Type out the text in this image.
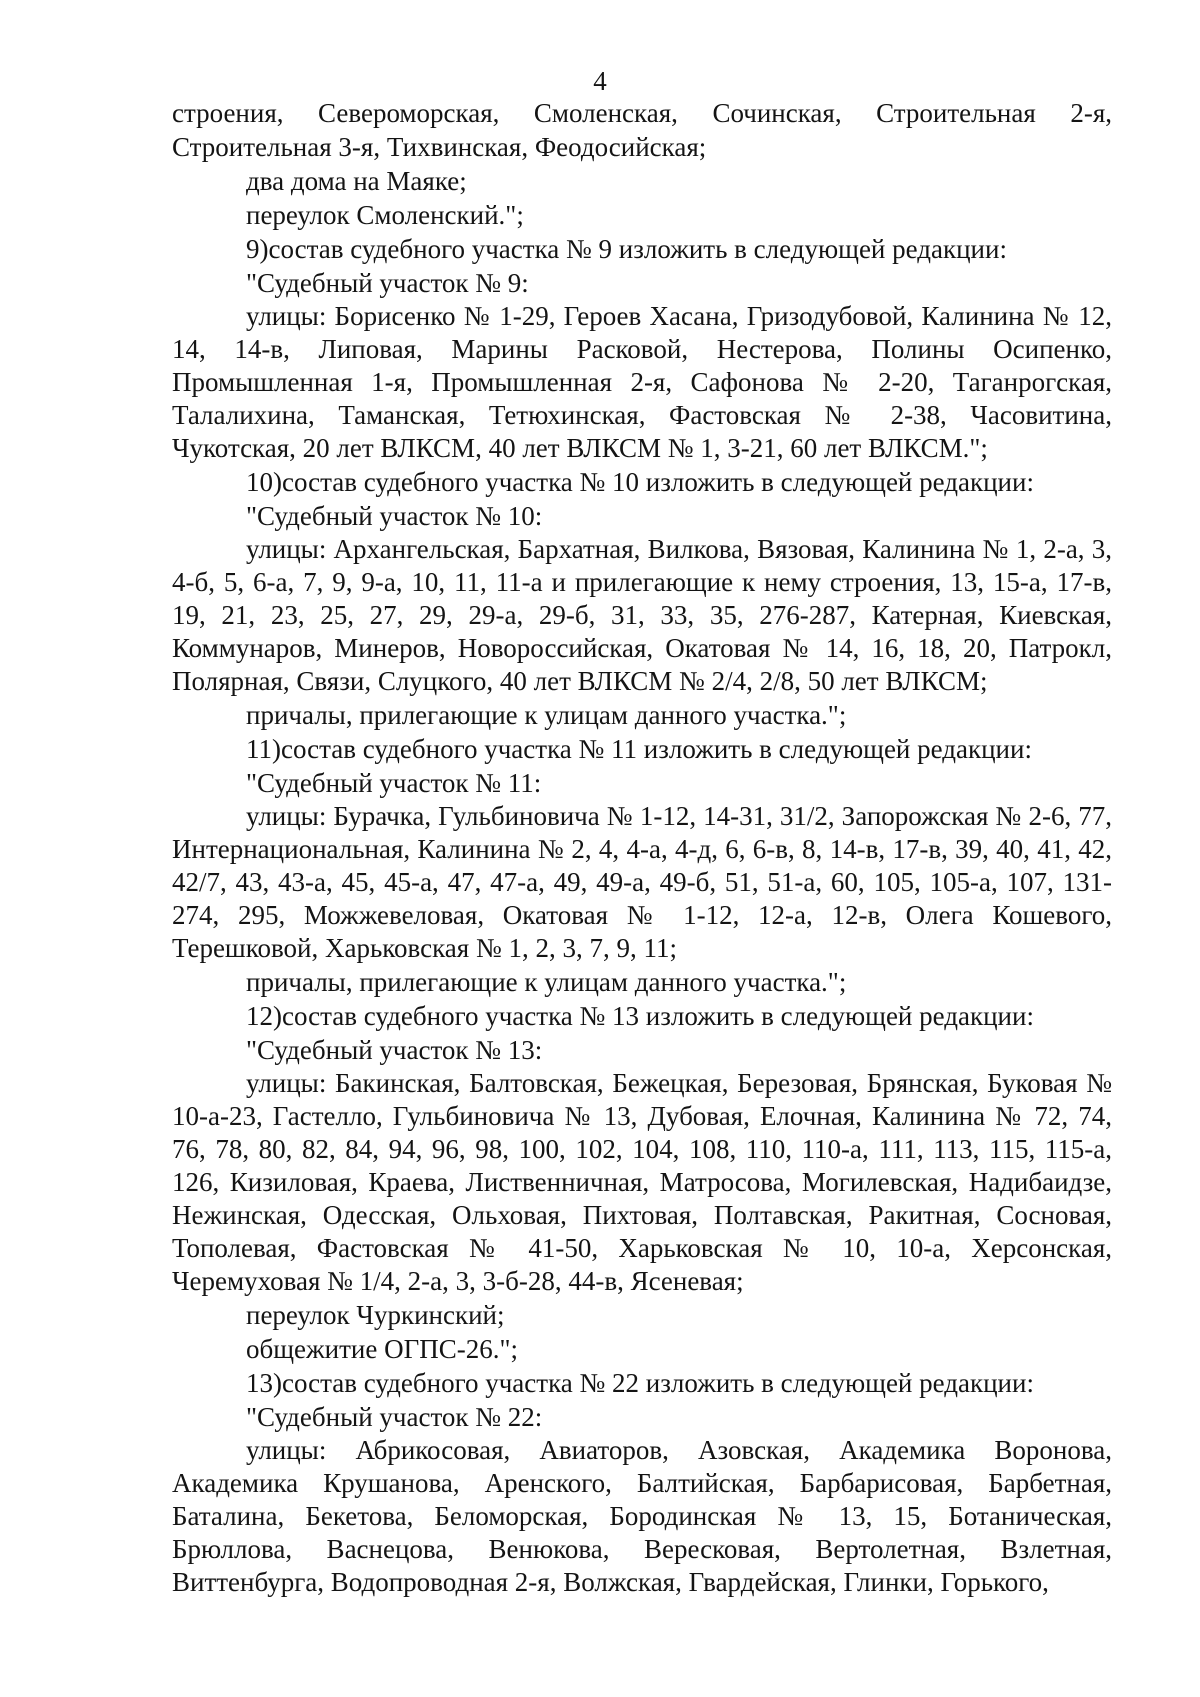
4

строения, Североморская, Смоленская, Сочинская, Строительная 2-я, Строительная 3-я, Тихвинская, Феодосийская;

два дома на Маяке;

переулок Смоленский.";

9)состав судебного участка № 9 изложить в следующей редакции:

"Судебный участок № 9:

улицы: Борисенко № 1-29, Героев Хасана, Гризодубовой, Калинина № 12, 14, 14-в, Липовая, Марины Расковой, Нестерова, Полины Осипенко, Промышленная 1-я, Промышленная 2-я, Сафонова № 2-20, Таганрогская, Талалихина, Таманская, Тетюхинская, Фастовская № 2-38, Часовитина, Чукотская, 20 лет ВЛКСМ, 40 лет ВЛКСМ № 1, 3-21, 60 лет ВЛКСМ.";

10)состав судебного участка № 10 изложить в следующей редакции:

"Судебный участок № 10:

улицы: Архангельская, Бархатная, Вилкова, Вязовая, Калинина № 1, 2-а, 3, 4-б, 5, 6-а, 7, 9, 9-а, 10, 11, 11-а и прилегающие к нему строения, 13, 15-а, 17-в, 19, 21, 23, 25, 27, 29, 29-а, 29-б, 31, 33, 35, 276-287, Катерная, Киевская, Коммунаров, Минеров, Новороссийская, Окатовая № 14, 16, 18, 20, Патрокл, Полярная, Связи, Слуцкого, 40 лет ВЛКСМ № 2/4, 2/8, 50 лет ВЛКСМ;

причалы, прилегающие к улицам данного участка.";

11)состав судебного участка № 11 изложить в следующей редакции:

"Судебный участок № 11:

улицы: Бурачка, Гульбиновича № 1-12, 14-31, 31/2, Запорожская № 2-6, 77, Интернациональная, Калинина № 2, 4, 4-а, 4-д, 6, 6-в, 8, 14-в, 17-в, 39, 40, 41, 42, 42/7, 43, 43-а, 45, 45-а, 47, 47-а, 49, 49-а, 49-б, 51, 51-а, 60, 105, 105-а, 107, 131-274, 295, Можжевеловая, Окатовая № 1-12, 12-а, 12-в, Олега Кошевого, Терешковой, Харьковская № 1, 2, 3, 7, 9, 11;

причалы, прилегающие к улицам данного участка.";

12)состав судебного участка № 13 изложить в следующей редакции:

"Судебный участок № 13:

улицы: Бакинская, Балтовская, Бежецкая, Березовая, Брянская, Буковая № 10-а-23, Гастелло, Гульбиновича № 13, Дубовая, Елочная, Калинина № 72, 74, 76, 78, 80, 82, 84, 94, 96, 98, 100, 102, 104, 108, 110, 110-а, 111, 113, 115, 115-а, 126, Кизиловая, Краева, Лиственничная, Матросова, Могилевская, Надибаидзе, Нежинская, Одесская, Ольховая, Пихтовая, Полтавская, Ракитная, Сосновая, Тополевая, Фастовская № 41-50, Харьковская № 10, 10-а, Херсонская, Черемуховая № 1/4, 2-а, 3, 3-б-28, 44-в, Ясеневая;

переулок Чуркинский;

общежитие ОГПС-26.";

13)состав судебного участка № 22 изложить в следующей редакции:

"Судебный участок № 22:

улицы: Абрикосовая, Авиаторов, Азовская, Академика Воронова, Академика Крушанова, Аренского, Балтийская, Барбарисовая, Барбетная, Баталина, Бекетова, Беломорская, Бородинская № 13, 15, Ботаническая, Брюллова, Васнецова, Венюкова, Вересковая, Вертолетная, Взлетная, Виттенбурга, Водопроводная 2-я, Волжская, Гвардейская, Глинки, Горького,
